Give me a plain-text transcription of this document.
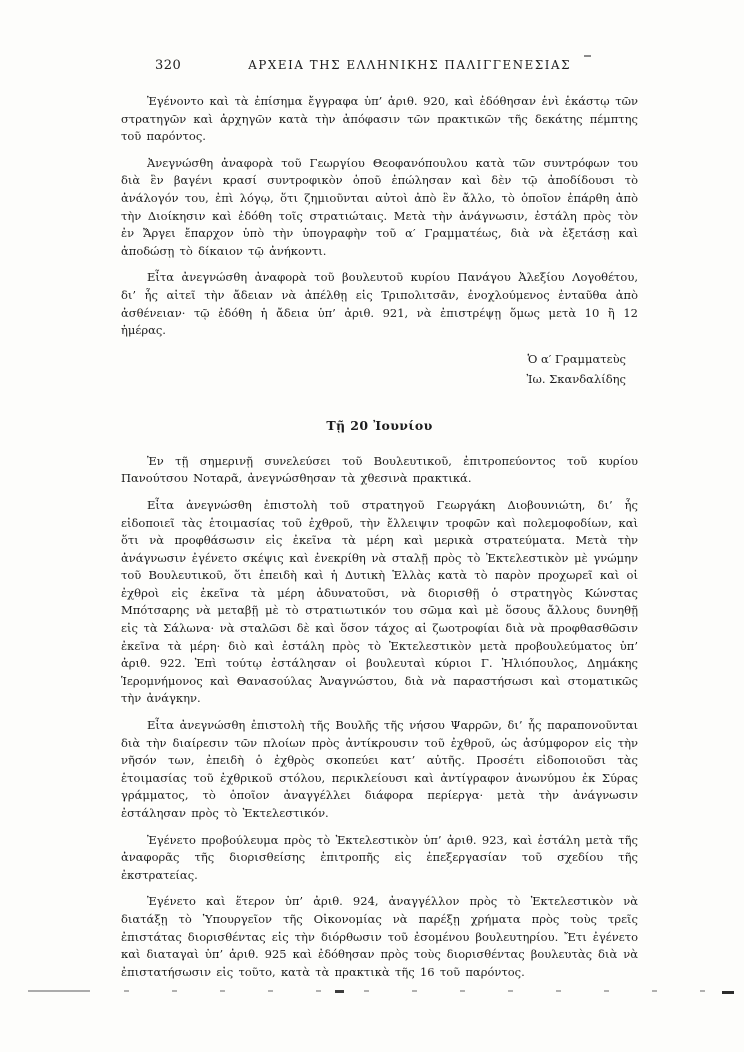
320	ΑΡΧΕΙΑ ΤΗΣ ΕΛΛΗΝΙΚΗΣ ΠΑΛΙΓΓΕΝΕΣΙΑΣ

Ἐγένοντο καὶ τὰ ἐπίσημα ἔγγραφα ὑπ’ ἀριθ. 920, καὶ ἐδόθησαν ἑνὶ ἑκάστῳ τῶν στρατηγῶν καὶ ἀρχηγῶν κατὰ τὴν ἀπόφασιν τῶν πρακτικῶν τῆς δεκάτης πέμπτης τοῦ παρόντος.

Ἀνεγνώσθη ἀναφορὰ τοῦ Γεωργίου Θεοφανόπουλου κατὰ τῶν συντρόφων του διὰ ἓν βαγένι κρασί συντροφικὸν ὁποῦ ἐπώλησαν καὶ δὲν τῷ ἀποδίδουσι τὸ ἀνάλογόν του, ἐπὶ λόγῳ, ὅτι ζημιοῦνται αὐτοὶ ἀπὸ ἓν ἄλλο, τὸ ὁποῖον ἐπάρθη ἀπὸ τὴν Διοίκησιν καὶ ἐδόθη τοῖς στρατιώταις. Μετὰ τὴν ἀνάγνωσιν, ἐστάλη πρὸς τὸν ἐν Ἄργει ἔπαρχον ὑπὸ τὴν ὑπογραφὴν τοῦ α′ Γραμματέως, διὰ νὰ ἐξετάσῃ καὶ ἀποδώσῃ τὸ δίκαιον τῷ ἀνήκοντι.

Εἶτα ἀνεγνώσθη ἀναφορὰ τοῦ βουλευτοῦ κυρίου Πανάγου Ἀλεξίου Λογοθέτου, δι’ ἧς αἰτεῖ τὴν ἄδειαν νὰ ἀπέλθῃ εἰς Τριπολιτσᾶν, ἐνοχλούμενος ἐνταῦθα ἀπὸ ἀσθένειαν· τῷ ἐδόθη ἡ ἄδεια ὑπ’ ἀριθ. 921, νὰ ἐπιστρέψῃ ὅμως μετὰ 10 ἢ 12 ἡμέρας.

Ὁ α′ Γραμματεὺς
Ἰω. Σκανδαλίδης
Τῇ 20 Ἰουνίου

Ἐν τῇ σημερινῇ συνελεύσει τοῦ Βουλευτικοῦ, ἐπιτροπεύοντος τοῦ κυρίου Πανούτσου Νοταρᾶ, ἀνεγνώσθησαν τὰ χθεσινὰ πρακτικά.

Εἶτα ἀνεγνώσθη ἐπιστολὴ τοῦ στρατηγοῦ Γεωργάκη Διοβουνιώτη, δι’ ἧς εἰδοποιεῖ τὰς ἑτοιμασίας τοῦ ἐχθροῦ, τὴν ἔλλειψιν τροφῶν καὶ πολεμοφοδίων, καὶ ὅτι νὰ προφθάσωσιν εἰς ἐκεῖνα τὰ μέρη καὶ μερικὰ στρατεύματα. Μετὰ τὴν ἀνάγνωσιν ἐγένετο σκέψις καὶ ἐνεκρίθη νὰ σταλῇ πρὸς τὸ Ἐκτελεστικὸν μὲ γνώμην τοῦ Βουλευτικοῦ, ὅτι ἐπειδὴ καὶ ἡ Δυτικὴ Ἑλλὰς κατὰ τὸ παρὸν προχωρεῖ καὶ οἱ ἐχθροὶ εἰς ἐκεῖνα τὰ μέρη ἀδυνατοῦσι, νὰ διορισθῇ ὁ στρατηγὸς Κώνστας Μπότσαρης νὰ μεταβῇ μὲ τὸ στρατιωτικόν του σῶμα καὶ μὲ ὅσους ἄλλους δυνηθῇ εἰς τὰ Σάλωνα· νὰ σταλῶσι δὲ καὶ ὅσον τάχος αἱ ζωοτροφίαι διὰ νὰ προφθασθῶσιν ἐκεῖνα τὰ μέρη· διὸ καὶ ἐστάλη πρὸς τὸ Ἐκτελεστικὸν μετὰ προβουλεύματος ὑπ’ ἀριθ. 922. Ἐπὶ τούτῳ ἐστάλησαν οἱ βουλευταὶ κύριοι Γ. Ἠλιόπουλος, Δημάκης Ἱερομνήμονος καὶ Θανασούλας Ἀναγνώστου, διὰ νὰ παραστήσωσι καὶ στοματικῶς τὴν ἀνάγκην.

Εἶτα ἀνεγνώσθη ἐπιστολὴ τῆς Βουλῆς τῆς νήσου Ψαρρῶν, δι’ ἧς παραπονοῦνται διὰ τὴν διαίρεσιν τῶν πλοίων πρὸς ἀντίκρουσιν τοῦ ἐχθροῦ, ὡς ἀσύμφορον εἰς τὴν νῆσόν των, ἐπειδὴ ὁ ἐχθρὸς σκοπεύει κατ’ αὐτῆς. Προσέτι εἰδοποιοῦσι τὰς ἑτοιμασίας τοῦ ἐχθρικοῦ στόλου, περικλείουσι καὶ ἀντίγραφον ἀνωνύμου ἐκ Σύρας γράμματος, τὸ ὁποῖον ἀναγγέλλει διάφορα περίεργα· μετὰ τὴν ἀνάγνωσιν ἐστάλησαν πρὸς τὸ Ἐκτελεστικόν.

Ἐγένετο προβούλευμα πρὸς τὸ Ἐκτελεστικὸν ὑπ’ ἀριθ. 923, καὶ ἐστάλη μετὰ τῆς ἀναφορᾶς τῆς διορισθείσης ἐπιτροπῆς εἰς ἐπεξεργασίαν τοῦ σχεδίου τῆς ἐκστρατείας.

Ἐγένετο καὶ ἕτερον ὑπ’ ἀριθ. 924, ἀναγγέλλον πρὸς τὸ Ἐκτελεστικὸν νὰ διατάξῃ τὸ Ὑπουργεῖον τῆς Οἰκονομίας νὰ παρέξῃ χρήματα πρὸς τοὺς τρεῖς ἐπιστάτας διορισθέντας εἰς τὴν διόρθωσιν τοῦ ἐσομένου βουλευτηρίου. Ἔτι ἐγένετο καὶ διαταγαὶ ὑπ’ ἀριθ. 925 καὶ ἐδόθησαν πρὸς τοὺς διορισθέντας βουλευτὰς διὰ νὰ ἐπιστατήσωσιν εἰς τοῦτο, κατὰ τὰ πρακτικὰ τῆς 16 τοῦ παρόντος.
